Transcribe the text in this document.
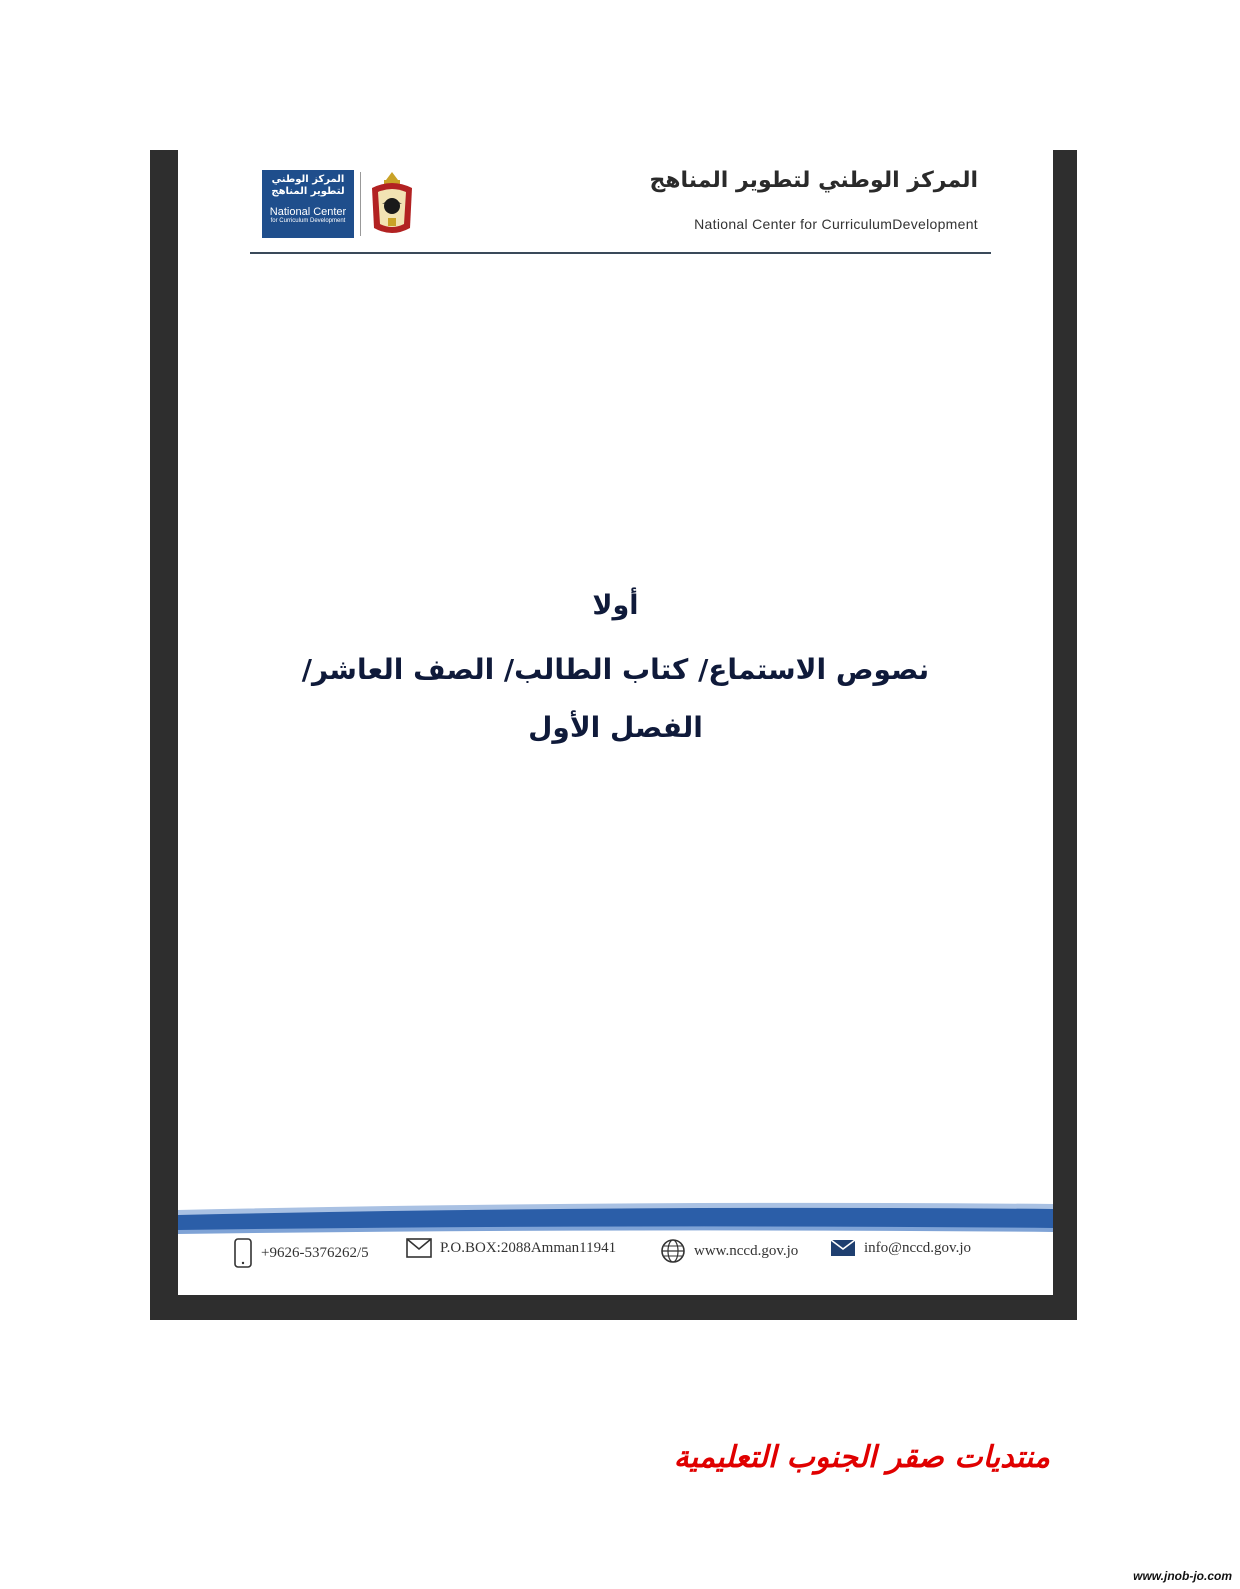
المركز الوطني لتطوير المناهج
National Center
for Curriculum Development
المركز الوطني لتطوير المناهج
National Center for CurriculumDevelopment
أولا
نصوص الاستماع/ كتاب الطالب/ الصف العاشر/ الفصل الأول
+9626-5376262/5	P.O.BOX:2088Amman11941	www.nccd.gov.jo	info@nccd.gov.jo
منتديات صقر الجنوب التعليمية
www.jnob-jo.com
